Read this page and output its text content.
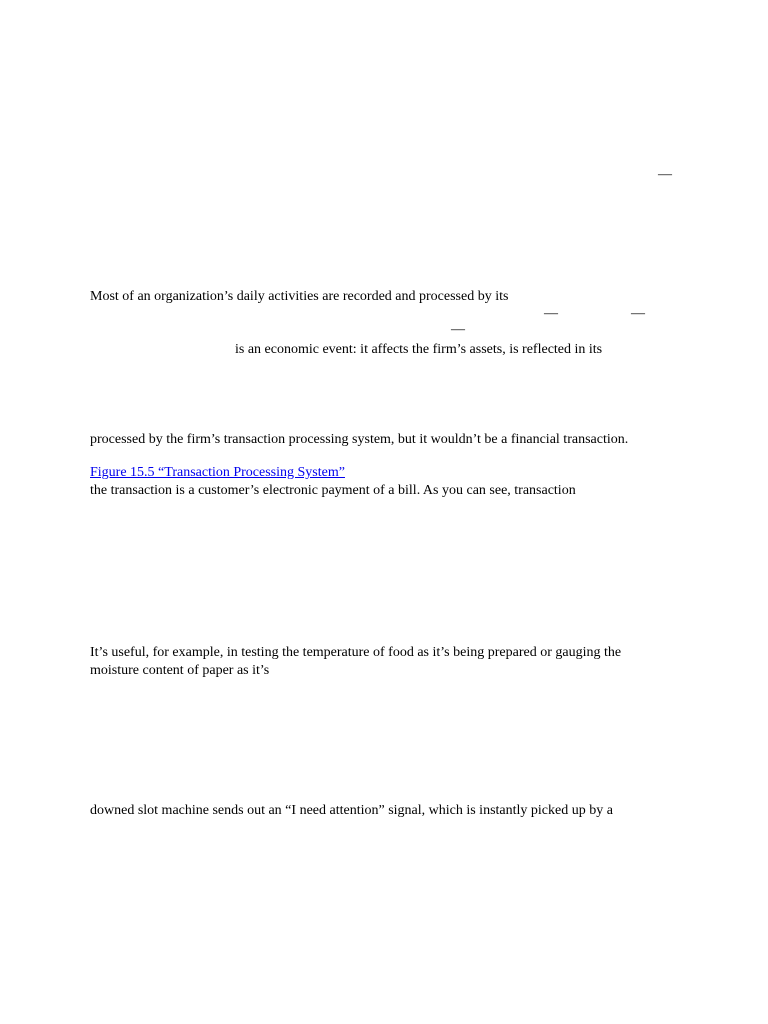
—
Most of an organization’s daily activities are recorded and processed by its
—	—
—
is an economic event: it affects the firm’s assets, is reflected in its
processed by the firm’s transaction processing system, but it wouldn’t be a financial transaction.
Figure 15.5 “Transaction Processing System”
the transaction is a customer’s electronic payment of a bill. As you can see, transaction
It’s useful, for example, in testing the temperature of food as it’s being prepared or gauging the
moisture content of paper as it’s
downed slot machine sends out an “I need attention” signal, which is instantly picked up by a
